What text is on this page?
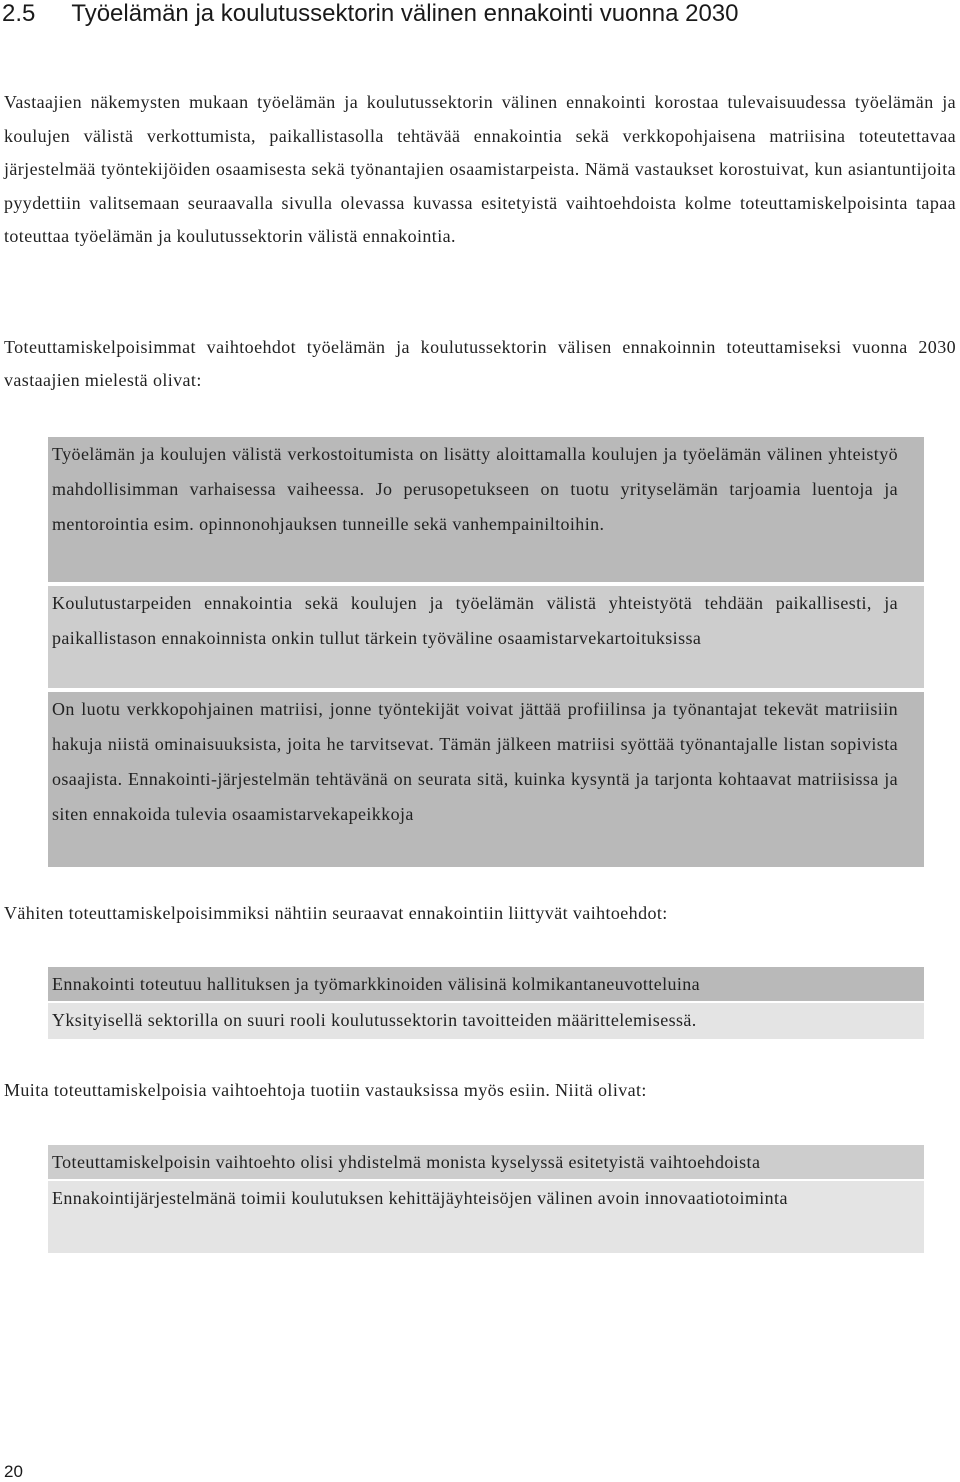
2.5 Työelämän ja koulutussektorin välinen ennakointi vuonna 2030
Vastaajien näkemysten mukaan työelämän ja koulutussektorin välinen ennakointi korostaa tulevaisuudessa työelämän ja koulujen välistä verkottumista, paikallistasolla tehtävää ennakointia sekä verkkopohjaisena matriisina toteutettavaa järjestelmää työntekijöiden osaamisesta sekä työnantajien osaamistarpeista. Nämä vastaukset korostuivat, kun asiantuntijoita pyydettiin valitsemaan seuraavalla sivulla olevassa kuvassa esitetyistä vaihtoehdoista kolme toteuttamiskelpoisinta tapaa toteuttaa työelämän ja koulutussektorin välistä ennakointia.
Toteuttamiskelpoisimmat vaihtoehdot työelämän ja koulutussektorin välisen ennakoinnin toteuttamiseksi vuonna 2030 vastaajien mielestä olivat:
Työelämän ja koulujen välistä verkostoitumista on lisätty aloittamalla koulujen ja työelämän välinen yhteistyö mahdollisimman varhaisessa vaiheessa. Jo perusopetukseen on tuotu yrityselämän tarjoamia luentoja ja mentorointia esim. opinnonohjauksen tunneille sekä vanhempainiltoihin.
Koulutustarpeiden ennakointia sekä koulujen ja työelämän välistä yhteistyötä tehdään paikallisesti, ja paikallistason ennakoinnista onkin tullut tärkein työväline osaamistarvekartoituksissa
On luotu verkkopohjainen matriisi, jonne työntekijät voivat jättää profiilinsa ja työnantajat tekevät matriisiin hakuja niistä ominaisuuksista, joita he tarvitsevat. Tämän jälkeen matriisi syöttää työnantajalle listan sopivista osaajista. Ennakointi-järjestelmän tehtävänä on seurata sitä, kuinka kysyntä ja tarjonta kohtaavat matriisissa ja siten ennakoida tulevia osaamistarvekapeikkoja
Vähiten toteuttamiskelpoisimmiksi nähtiin seuraavat ennakointiin liittyvät vaihtoehdot:
Ennakointi toteutuu hallituksen ja työmarkkinoiden välisinä kolmikantaneuvotteluina
Yksityisellä sektorilla on suuri rooli koulutussektorin tavoitteiden määrittelemisessä.
Muita toteuttamiskelpoisia vaihtoehtoja tuotiin vastauksissa myös esiin. Niitä olivat:
Toteuttamiskelpoisin vaihtoehto olisi yhdistelmä monista kyselyssä esitetyistä vaihtoehdoista
Ennakointijärjestelmänä toimii koulutuksen kehittäjäyhteisöjen välinen avoin innovaatiotoiminta
20
